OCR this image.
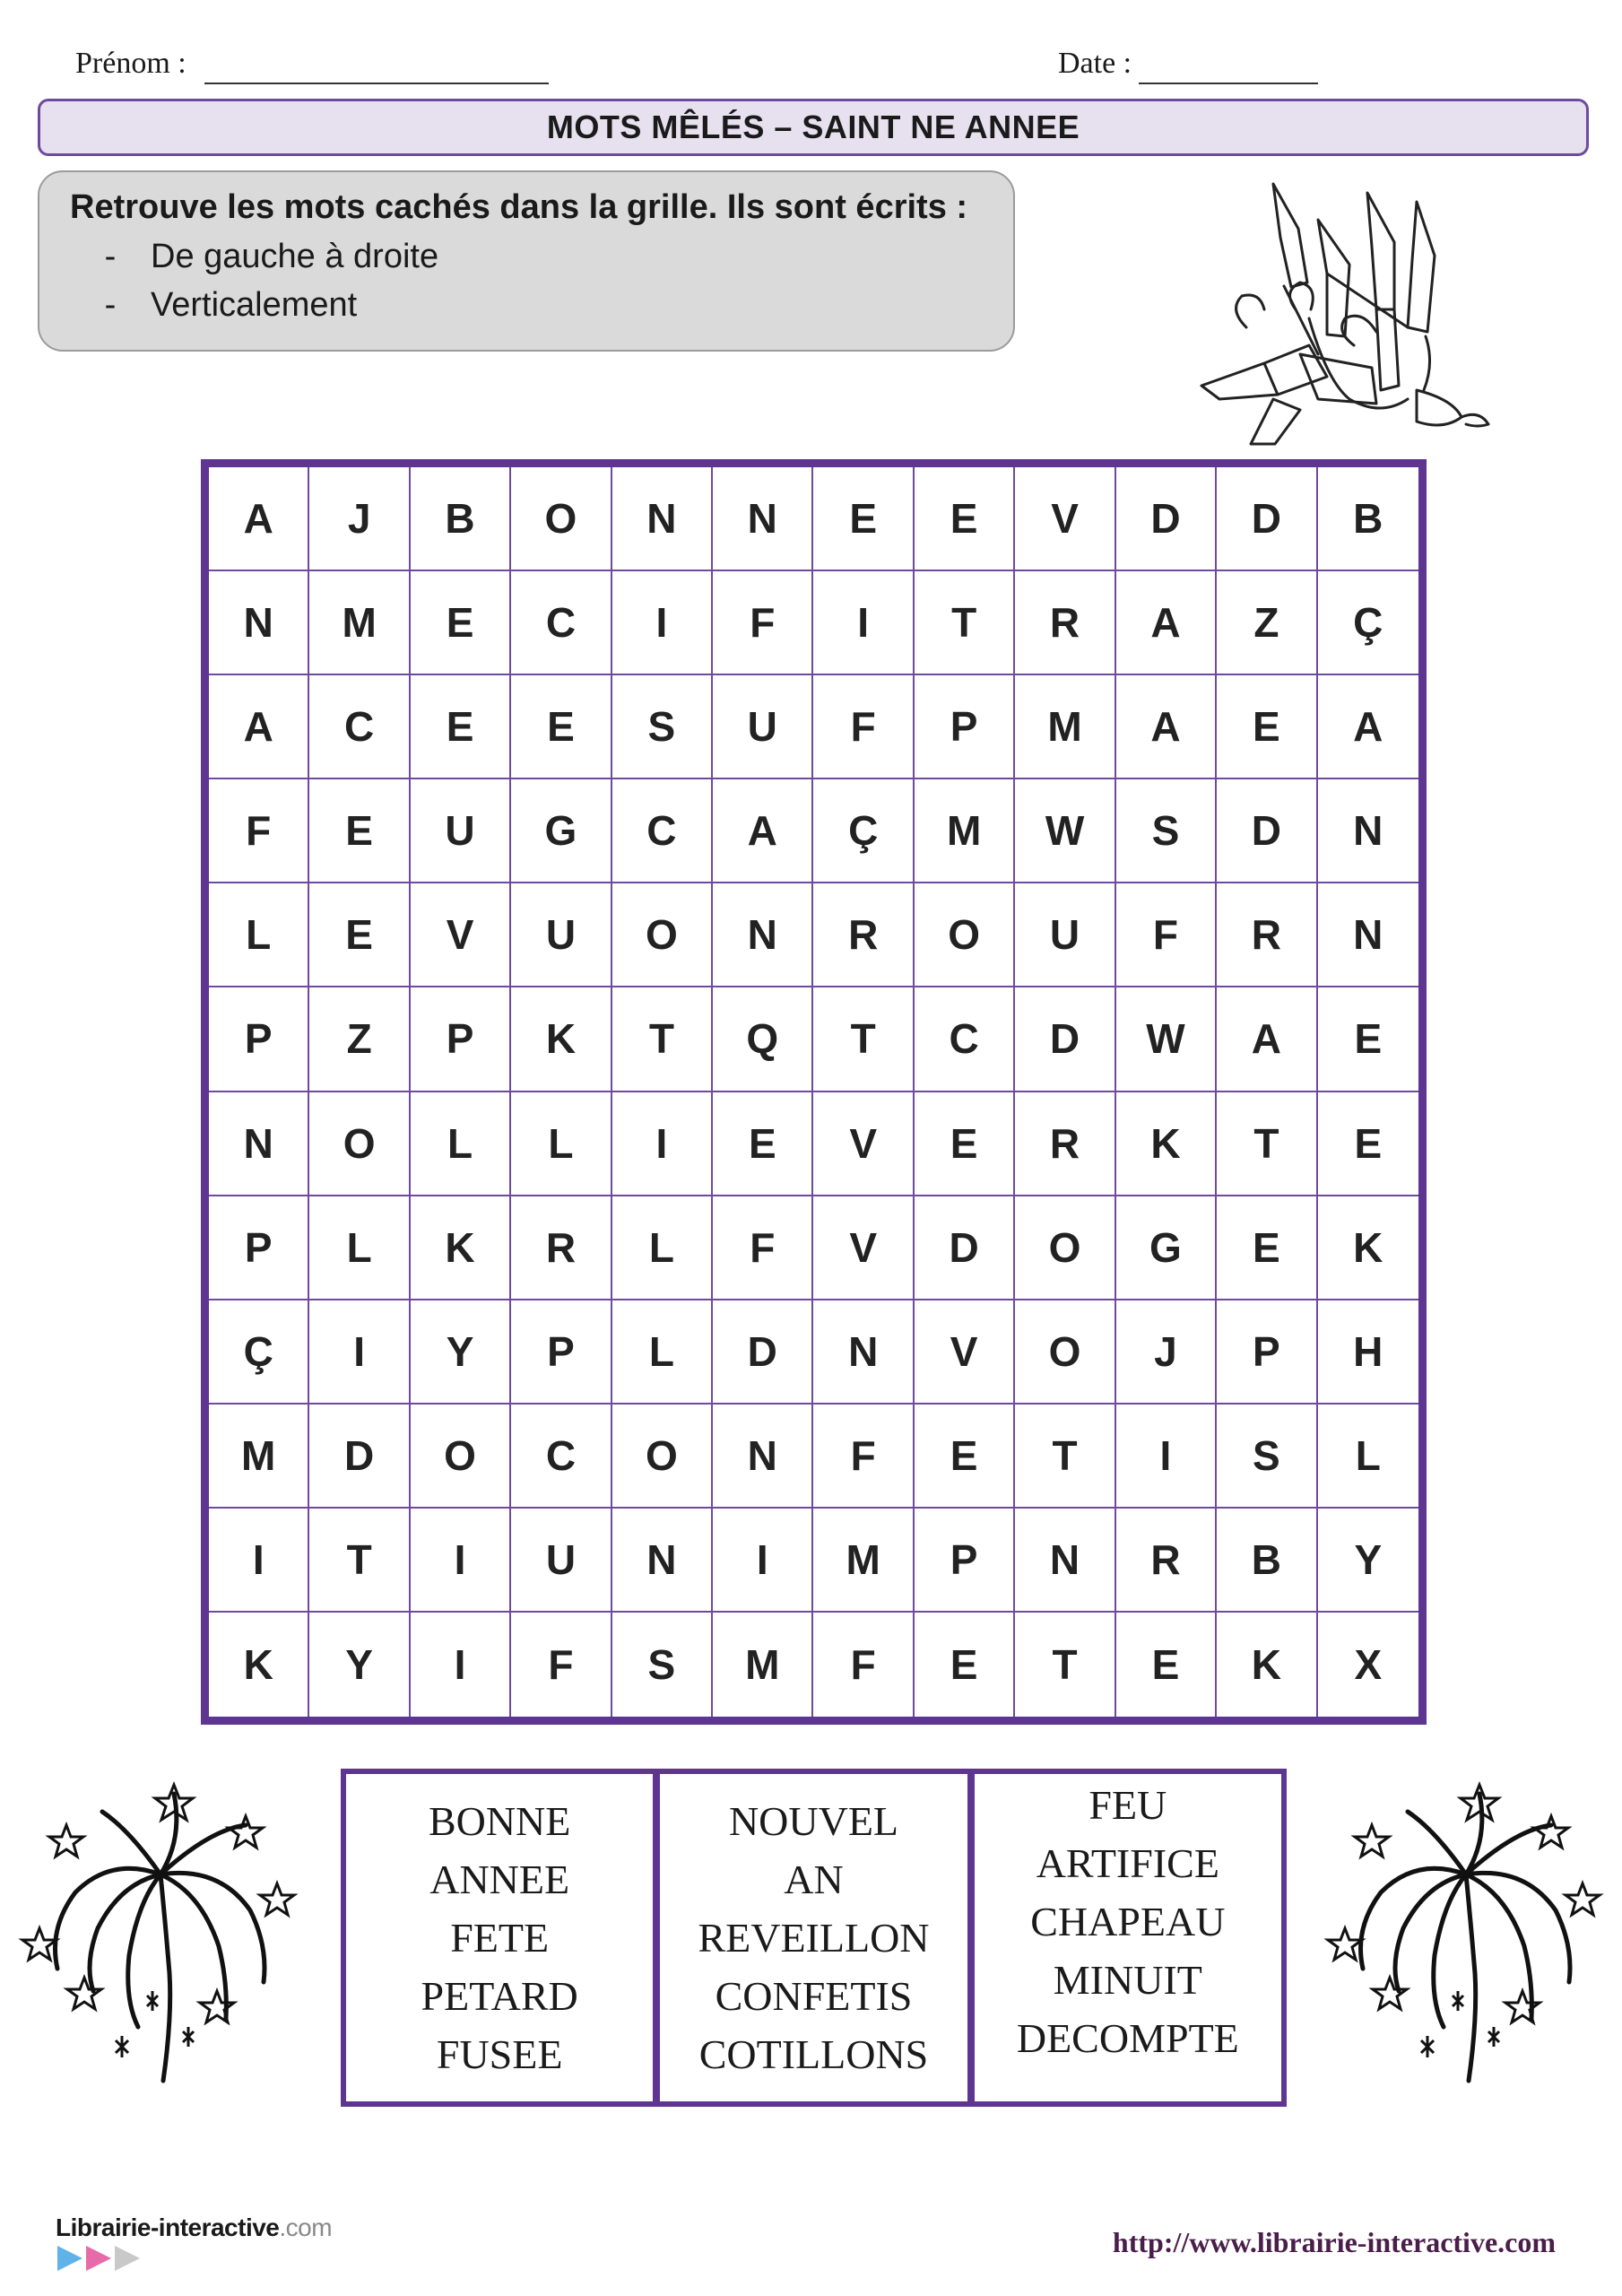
Prénom :	Date :
MOTS MÊLÉS – SAINT NE ANNEE
Retrouve les mots cachés dans la grille. Ils sont écrits :
-	De gauche à droite
-	Verticalement
A	J	B	O	N	N	E	E	V	D	D	B
N	M	E	C	I	F	I	T	R	A	Z	Ç
A	C	E	E	S	U	F	P	M	A	E	A
F	E	U	G	C	A	Ç	M	W	S	D	N
L	E	V	U	O	N	R	O	U	F	R	N
P	Z	P	K	T	Q	T	C	D	W	A	E
N	O	L	L	I	E	V	E	R	K	T	E
P	L	K	R	L	F	V	D	O	G	E	K
Ç	I	Y	P	L	D	N	V	O	J	P	H
M	D	O	C	O	N	F	E	T	I	S	L
I	T	I	U	N	I	M	P	N	R	B	Y
K	Y	I	F	S	M	F	E	T	E	K	X
BONNE
ANNEE
FETE
PETARD
FUSEE
NOUVEL
AN
REVEILLON
CONFETIS
COTILLONS
FEU
ARTIFICE
CHAPEAU
MINUIT
DECOMPTE
Librairie-interactive.com	http://www.librairie-interactive.com
